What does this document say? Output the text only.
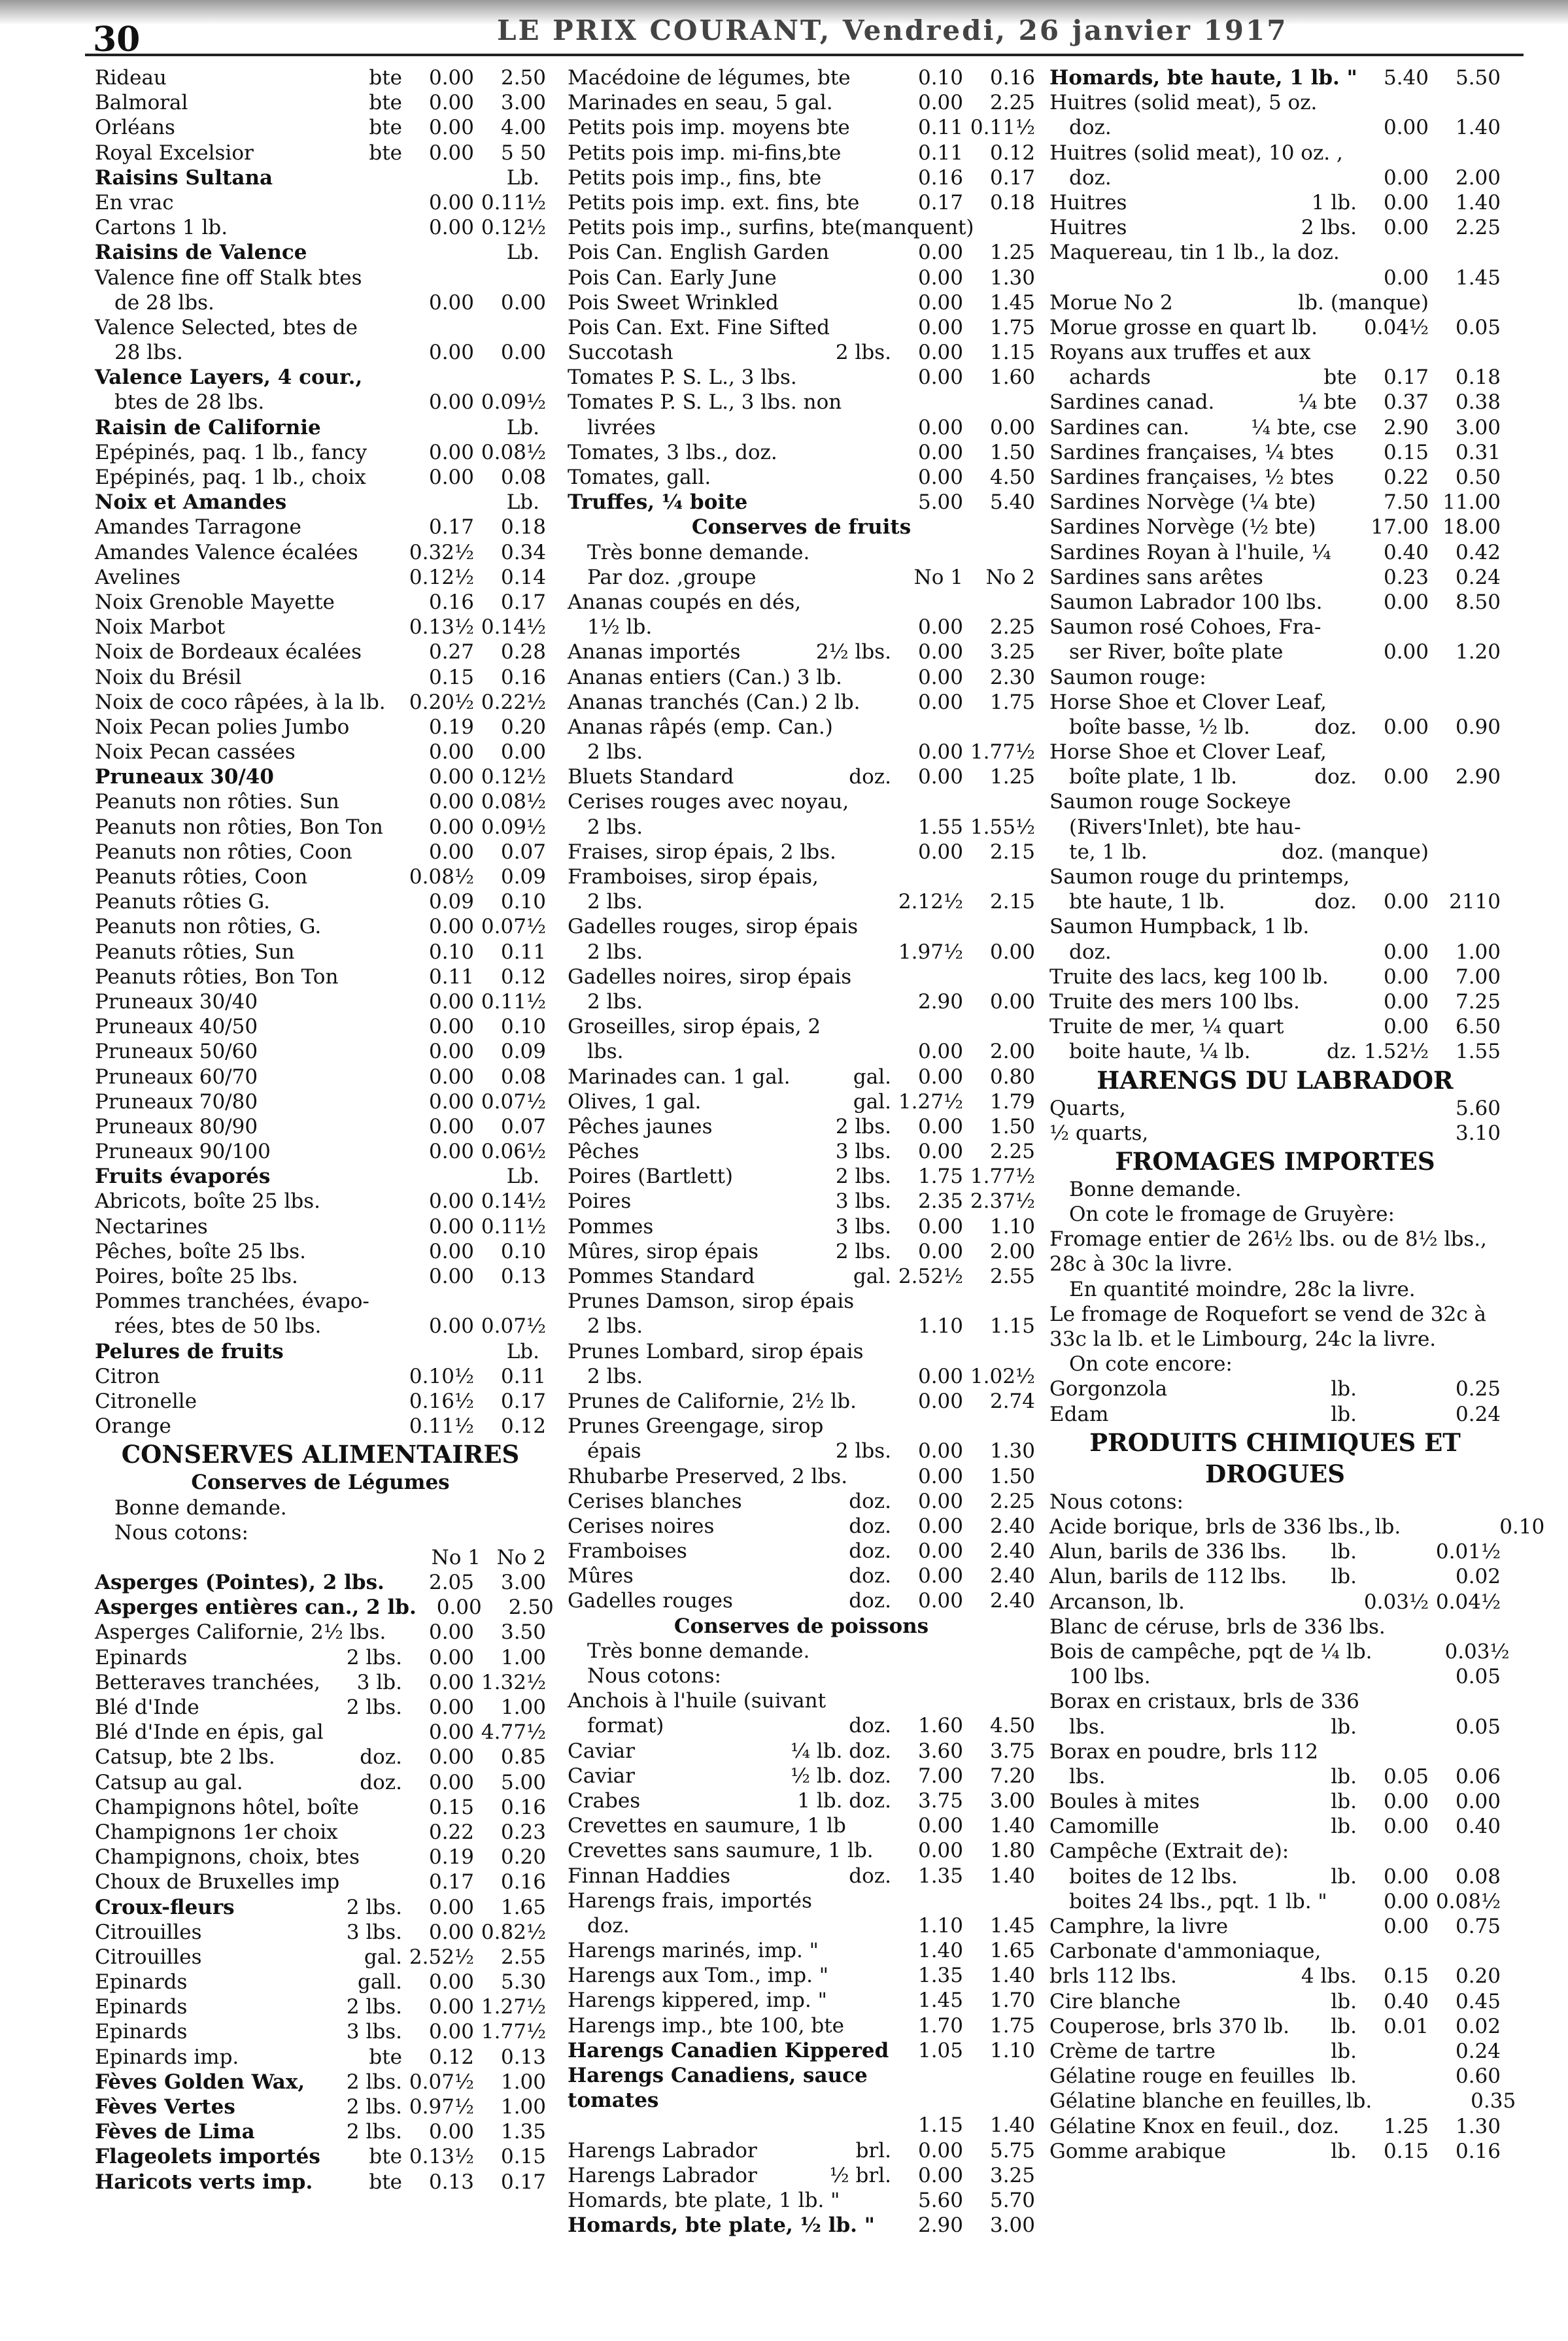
30	LE PRIX COURANT, Vendredi, 26 janvier 1917
Rideau	bte	0.00	2.50
Balmoral	bte	0.00	3.00
Orléans	bte	0.00	4.00
Royal Excelsior	bte	0.00	5 50
Raisins Sultana	Lb.
En vrac	0.00 0.11½
Cartons 1 lb.	0.00 0.12½
Raisins de Valence	Lb.
Valence fine off Stalk btes
de 28 lbs.	0.00	0.00
Valence Selected, btes de
28 lbs.	0.00	0.00
Valence Layers, 4 cour.,
btes de 28 lbs.	0.00 0.09½
Raisin de Californie	Lb.
Epépinés, paq. 1 lb., fancy	0.00 0.08½
Epépinés, paq. 1 lb., choix	0.00	0.08
Noix et Amandes	Lb.
Amandes Tarragone	0.17	0.18
Amandes Valence écalées	0.32½	0.34
Avelines	0.12½	0.14
Noix Grenoble Mayette	0.16	0.17
Noix Marbot	0.13½ 0.14½
Noix de Bordeaux écalées	0.27	0.28
Noix du Brésil	0.15	0.16
Noix de coco râpées, à la lb.	0.20½ 0.22½
Noix Pecan polies Jumbo	0.19	0.20
Noix Pecan cassées	0.00	0.00
Pruneaux 30/40	0.00 0.12½
Peanuts non rôties. Sun	0.00 0.08½
Peanuts non rôties, Bon Ton	0.00 0.09½
Peanuts non rôties, Coon	0.00	0.07
Peanuts rôties, Coon	0.08½	0.09
Peanuts rôties G.	0.09	0.10
Peanuts non rôties, G.	0.00 0.07½
Peanuts rôties, Sun	0.10	0.11
Peanuts rôties, Bon Ton	0.11	0.12
Pruneaux 30/40	0.00 0.11½
Pruneaux 40/50	0.00	0.10
Pruneaux 50/60	0.00	0.09
Pruneaux 60/70	0.00	0.08
Pruneaux 70/80	0.00 0.07½
Pruneaux 80/90	0.00	0.07
Pruneaux 90/100	0.00 0.06½
Fruits évaporés	Lb.
Abricots, boîte 25 lbs.	0.00 0.14½
Nectarines	0.00 0.11½
Pêches, boîte 25 lbs.	0.00	0.10
Poires, boîte 25 lbs.	0.00	0.13
Pommes tranchées, évapo-
rées, btes de 50 lbs.	0.00 0.07½
Pelures de fruits	Lb.
Citron	0.10½	0.11
Citronelle	0.16½	0.17
Orange	0.11½	0.12
CONSERVES ALIMENTAIRES
Conserves de Légumes
Bonne demande.
Nous cotons:
No 1 No 2
Asperges (Pointes), 2 lbs.	2.05	3.00
Asperges entières can., 2 lb. 0.00	2.50
Asperges Californie, 2½ lbs.	0.00	3.50
Epinards	2 lbs.	0.00	1.00
Betteraves tranchées,	3 lb.	0.00 1.32½
Blé d'Inde	2 lbs.	0.00	1.00
Blé d'Inde en épis, gal	0.00 4.77½
Catsup, bte 2 lbs.	doz.	0.00	0.85
Catsup au gal.	doz.	0.00	5.00
Champignons hôtel, boîte	0.15	0.16
Champignons 1er choix	0.22	0.23
Champignons, choix, btes	0.19	0.20
Choux de Bruxelles imp	0.17	0.16
Croux-fleurs	2 lbs.	0.00	1.65
Citrouilles	3 lbs.	0.00 0.82½
Citrouilles	gal. 2.52½	2.55
Epinards	gall.	0.00	5.30
Epinards	2 lbs.	0.00 1.27½
Epinards	3 lbs.	0.00 1.77½
Epinards imp.	bte	0.12	0.13
Fèves Golden Wax,	2 lbs. 0.07½	1.00
Fèves Vertes	2 lbs. 0.97½	1.00
Fèves de Lima	2 lbs.	0.00	1.35
Flageolets importés	bte 0.13½	0.15
Haricots verts imp.	bte	0.13	0.17
Macédoine de légumes, bte	0.10	0.16
Marinades en seau, 5 gal.	0.00	2.25
Petits pois imp. moyens bte	0.11 0.11½
Petits pois imp. mi-fins,bte	0.11	0.12
Petits pois imp., fins, bte	0.16	0.17
Petits pois imp. ext. fins, bte	0.17	0.18
Petits pois imp., surfins, bte (manquent)
Pois Can. English Garden	0.00	1.25
Pois Can. Early June	0.00	1.30
Pois Sweet Wrinkled	0.00	1.45
Pois Can. Ext. Fine Sifted	0.00	1.75
Succotash	2 lbs.	0.00	1.15
Tomates P. S. L., 3 lbs.	0.00	1.60
Tomates P. S. L., 3 lbs. non
livrées	0.00	0.00
Tomates, 3 lbs., doz.	0.00	1.50
Tomates, gall.	0.00	4.50
Truffes, ¼ boite	5.00	5.40
Conserves de fruits
Très bonne demande.
Par doz. ,groupe	No 1	No 2
Ananas coupés en dés,
1½ lb.	0.00	2.25
Ananas importés	2½ lbs.	0.00	3.25
Ananas entiers (Can.) 3 lb.	0.00	2.30
Ananas tranchés (Can.) 2 lb.	0.00	1.75
Ananas râpés (emp. Can.)
2 lbs.	0.00 1.77½
Bluets Standard	doz.	0.00	1.25
Cerises rouges avec noyau,
2 lbs.	1.55 1.55½
Fraises, sirop épais, 2 lbs.	0.00	2.15
Framboises, sirop épais,
2 lbs.	2.12½	2.15
Gadelles rouges, sirop épais
2 lbs.	1.97½	0.00
Gadelles noires, sirop épais
2 lbs.	2.90	0.00
Groseilles, sirop épais, 2
lbs.	0.00	2.00
Marinades can. 1 gal.	gal.	0.00	0.80
Olives, 1 gal.	gal. 1.27½	1.79
Pêches jaunes	2 lbs.	0.00	1.50
Pêches	3 lbs.	0.00	2.25
Poires (Bartlett)	2 lbs.	1.75 1.77½
Poires	3 lbs.	2.35 2.37½
Pommes	3 lbs.	0.00	1.10
Mûres, sirop épais	2 lbs.	0.00	2.00
Pommes Standard	gal. 2.52½	2.55
Prunes Damson, sirop épais
2 lbs.	1.10	1.15
Prunes Lombard, sirop épais
2 lbs.	0.00 1.02½
Prunes de Californie, 2½ lb.	0.00	2.74
Prunes Greengage, sirop
épais	2 lbs.	0.00	1.30
Rhubarbe Preserved, 2 lbs.	0.00	1.50
Cerises blanches	doz.	0.00	2.25
Cerises noires	doz.	0.00	2.40
Framboises	doz.	0.00	2.40
Mûres	doz.	0.00	2.40
Gadelles rouges	doz.	0.00	2.40
Conserves de poissons
Très bonne demande.
Nous cotons:
Anchois à l'huile (suivant
format)	doz.	1.60	4.50
Caviar	¼ lb. doz.	3.60	3.75
Caviar	½ lb. doz.	7.00	7.20
Crabes	1 lb. doz.	3.75	3.00
Crevettes en saumure, 1 lb	0.00	1.40
Crevettes sans saumure, 1 lb.	0.00	1.80
Finnan Haddies	doz.	1.35	1.40
Harengs frais, importés
doz.	1.10	1.45
Harengs marinés, imp. "	1.40	1.65
Harengs aux Tom., imp. "	1.35	1.40
Harengs kippered, imp. "	1.45	1.70
Harengs imp., bte 100, bte	1.70	1.75
Harengs Canadien Kippered	1.05	1.10
Harengs Canadiens, sauce
tomates
1.15	1.40
Harengs Labrador	brl.	0.00	5.75
Harengs Labrador	½ brl.	0.00	3.25
Homards, bte plate, 1 lb. "	5.60	5.70
Homards, bte plate, ½ lb. "	2.90	3.00
Homards, bte haute, 1 lb. "	5.40	5.50
Huitres (solid meat), 5 oz.
doz.	0.00	1.40
Huitres (solid meat), 10 oz. ,
doz.	0.00	2.00
Huitres	1 lb.	0.00	1.40
Huitres	2 lbs.	0.00	2.25
Maquereau, tin 1 lb., la doz.
0.00	1.45
Morue No 2	lb. (manque)
Morue grosse en quart lb.	0.04½	0.05
Royans aux truffes et aux
achards	bte	0.17	0.18
Sardines canad.	¼ bte	0.37	0.38
Sardines can.	¼ bte, cse	2.90	3.00
Sardines françaises, ¼ btes	0.15	0.31
Sardines françaises, ½ btes	0.22	0.50
Sardines Norvège (¼ bte)	7.50 11.00
Sardines Norvège (½ bte)	17.00 18.00
Sardines Royan à l'huile, ¼	0.40	0.42
Sardines sans arêtes	0.23	0.24
Saumon Labrador 100 lbs.	0.00	8.50
Saumon rosé Cohoes, Fra-
ser River, boîte plate	0.00	1.20
Saumon rouge:
Horse Shoe et Clover Leaf,
boîte basse, ½ lb.	doz.	0.00	0.90
Horse Shoe et Clover Leaf,
boîte plate, 1 lb.	doz.	0.00	2.90
Saumon rouge Sockeye
(Rivers'Inlet), bte hau-
te, 1 lb.	doz. (manque)
Saumon rouge du printemps,
bte haute, 1 lb.	doz.	0.00	2110
Saumon Humpback, 1 lb.
doz.	0.00	1.00
Truite des lacs, keg 100 lb.	0.00	7.00
Truite des mers 100 lbs.	0.00	7.25
Truite de mer, ¼ quart	0.00	6.50
boite haute, ¼ lb.	dz. 1.52½	1.55
HARENGS DU LABRADOR
Quarts,	5.60
½ quarts,	3.10
FROMAGES IMPORTES
Bonne demande.
On cote le fromage de Gruyère:
Fromage entier de 26½ lbs. ou de 8½ lbs., 28c à 30c la livre.
En quantité moindre, 28c la livre.
Le fromage de Roquefort se vend de 32c à 33c la lb. et le Limbourg, 24c la livre.
On cote encore:
Gorgonzola	lb.	0.25
Edam	lb.	0.24
PRODUITS CHIMIQUES ET
DROGUES
Nous cotons:
Acide borique, brls de 336 lbs., lb.	0.10
Alun, barils de 336 lbs.	lb.	0.01½
Alun, barils de 112 lbs.	lb.	0.02
Arcanson, lb.	0.03½ 0.04½
Blanc de céruse, brls de 336 lbs.
Bois de campêche, pqt de ¼ lb.	0.03½
100 lbs.	0.05
Borax en cristaux, brls de 336
lbs.	lb.	0.05
Borax en poudre, brls 112
lbs.	lb.	0.05	0.06
Boules à mites	lb.	0.00	0.00
Camomille	lb.	0.00	0.40
Campêche (Extrait de):
boites de 12 lbs.	lb.	0.00	0.08
boites 24 lbs., pqt. 1 lb. "	0.00 0.08½
Camphre, la livre	0.00	0.75
Carbonate d'ammoniaque,
brls 112 lbs.	4 lbs.	0.15	0.20
Cire blanche	lb.	0.40	0.45
Couperose, brls 370 lb.	lb.	0.01	0.02
Crème de tartre	lb.	0.24
Gélatine rouge en feuilles lb.	0.60
Gélatine blanche en feuilles, lb.	0.35
Gélatine Knox en feuil., doz.	1.25	1.30
Gomme arabique	lb.	0.15	0.16
